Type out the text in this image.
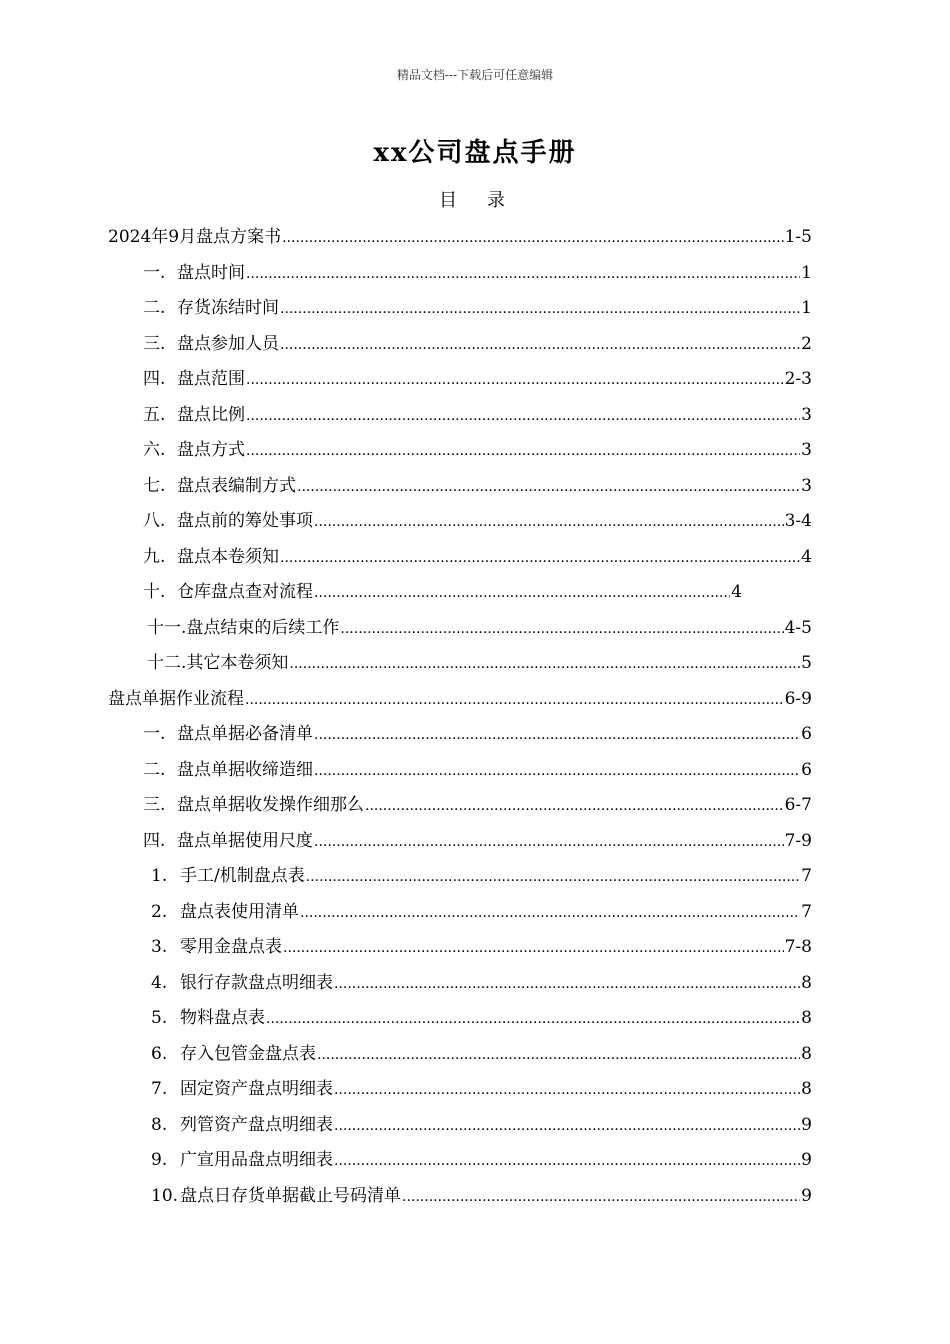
精品文档---下载后可任意编辑
xx公司盘点手册
目　录
2024年9月盘点方案书 .....	1-5
一. 盘点时间 .....	1
二. 存货冻结时间 .....	1
三. 盘点参加人员 .....	2
四. 盘点范围 .....	2-3
五. 盘点比例 .....	3
六. 盘点方式 .....	3
七. 盘点表编制方式 .....	3
八. 盘点前的筹处事项 .....	3-4
九. 盘点本卷须知 .....	4
十. 仓库盘点查对流程 .....	4
十一. 盘点结束的后续工作 .....	4-5
十二. 其它本卷须知 .....	5
盘点单据作业流程 .....	6-9
一. 盘点单据必备清单 .....	6
二. 盘点单据收缔造细 .....	6
三. 盘点单据收发操作细那么 .....	6-7
四. 盘点单据使用尺度 .....	7-9
1. 手工/机制盘点表 .....	7
2. 盘点表使用清单 .....	7
3. 零用金盘点表 .....	7-8
4. 银行存款盘点明细表 .....	8
5. 物料盘点表 .....	8
6. 存入包管金盘点表 .....	8
7. 固定资产盘点明细表 .....	8
8. 列管资产盘点明细表 .....	9
9. 广宣用品盘点明细表 .....	9
10. 盘点日存货单据截止号码清单 .....	9
